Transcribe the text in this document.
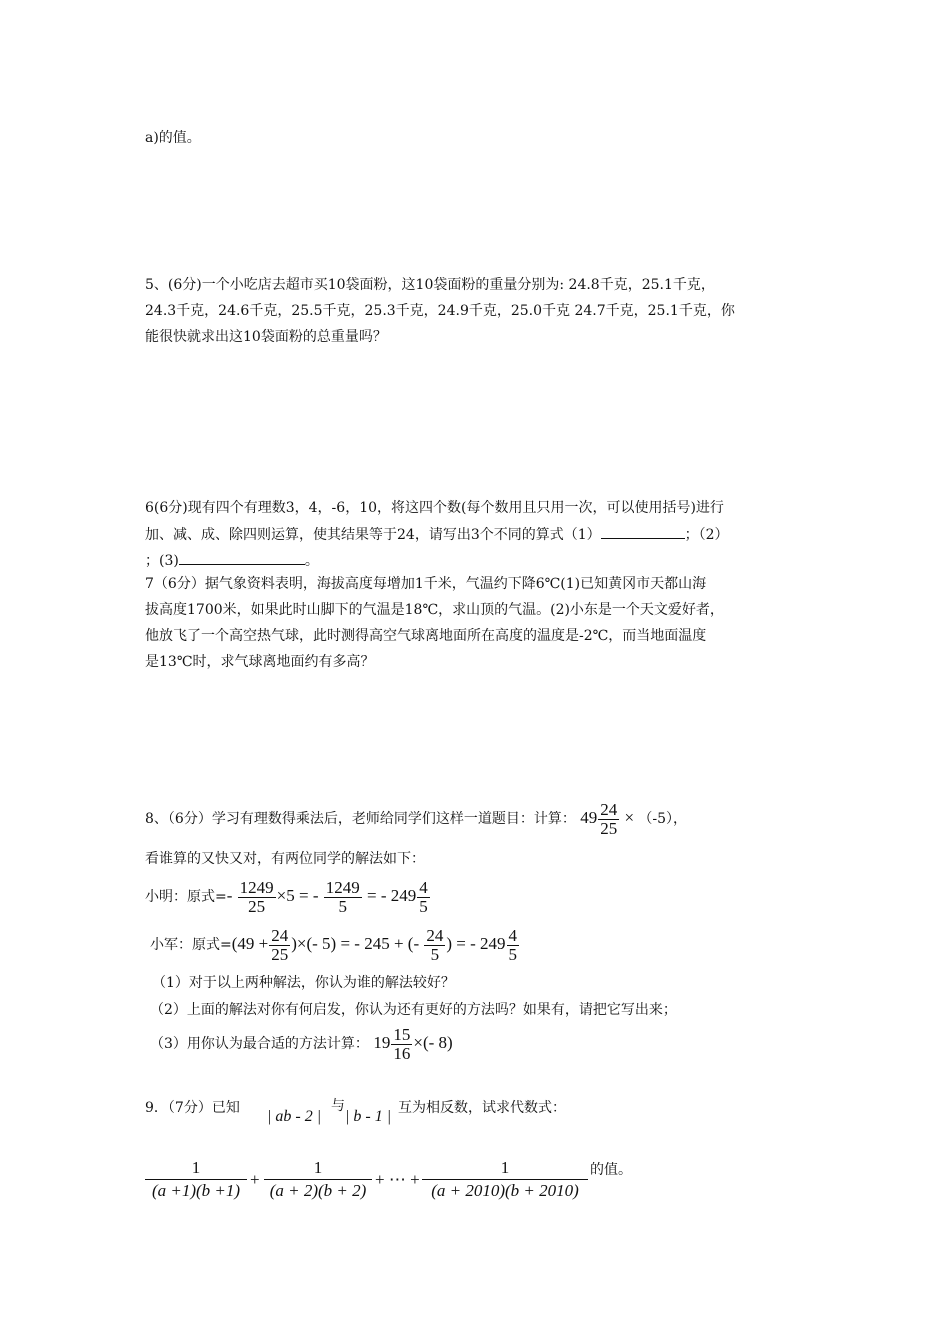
a)的值。
5、(6分)一个小吃店去超市买10袋面粉，这10袋面粉的重量分别为: 24.8千克，25.1千克，
24.3千克，24.6千克，25.5千克，25.3千克，24.9千克，25.0千克 24.7千克，25.1千克，你
能很快就求出这10袋面粉的总重量吗？
6(6分)现有四个有理数3，4，-6，10，将这四个数(每个数用且只用一次，可以使用括号)进行
加、减、成、除四则运算，使其结果等于24，请写出3个不同的算式（1）	；（2）
；(3)	。
7（6分）据气象资料表明，海拔高度每增加1千米，气温约下降6℃(1)已知黄冈市天都山海
拔高度1700米，如果此时山脚下的气温是18℃，求山顶的气温。(2)小东是一个天文爱好者，
他放飞了一个高空热气球，此时测得高空气球离地面所在高度的温度是-2℃，而当地面温度
是13℃时，求气球离地面约有多高？
8、（6分）学习有理数得乘法后，老师给同学们这样一道题目：计算： $49 \frac{24}{25} \times (-5)$，
看谁算的又快又对，有两位同学的解法如下：
小明：原式=- $\frac{1249}{25} \times 5$ = - $\frac{1249}{5}$ = - $249 \frac{4}{5}$
小军：原式$=(49 + \frac{24}{25}$ )×(- 5) = - 245 + (- $\frac{24}{5}$ ) = - $249 \frac{4}{5}$
（1）对于以上两种解法，你认为谁的解法较好？
（2）上面的解法对你有何启发，你认为还有更好的方法吗？如果有，请把它写出来；
（3）用你认为最合适的方法计算： $19 \frac{15}{16}$ ×(- 8)
9．（7分）已知 | ab - 2 |
与
| b - 1 | 互为相反数，试求代数式：
$\frac{1}{(a +1)(b +1)} + \frac{1}{(a + 2)(b + 2)}$ + ⋯ + $\frac{1}{(a + 2010)(b + 2010)}$ 的值。
